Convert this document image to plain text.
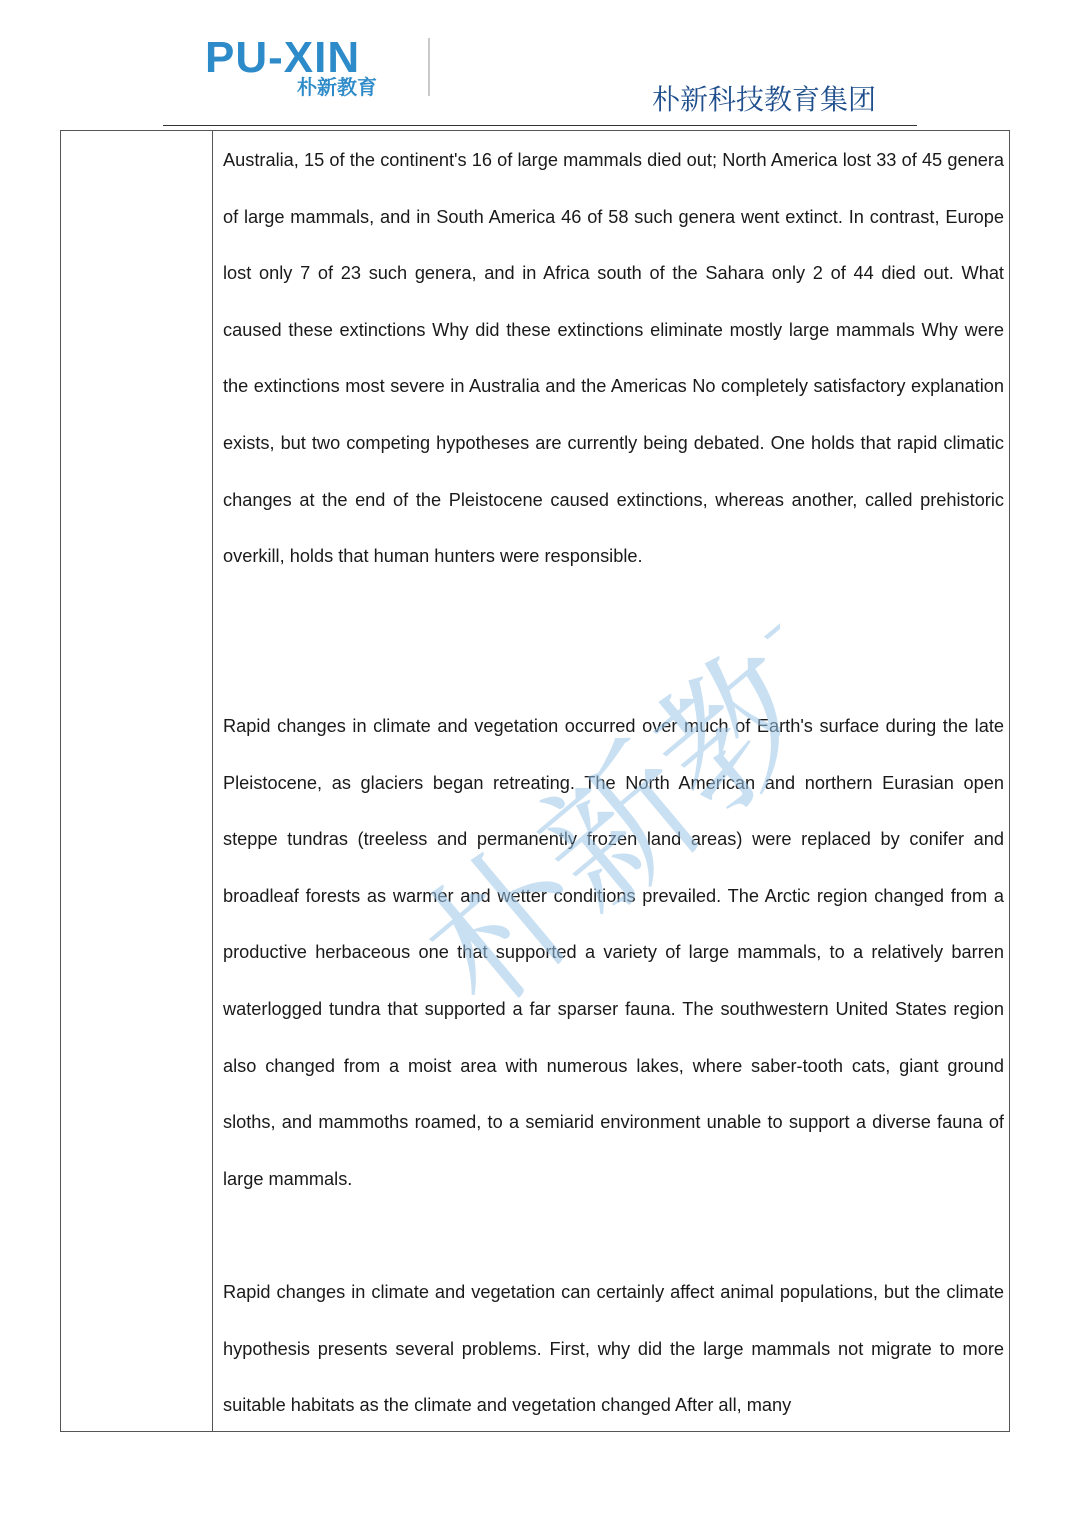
PU-XIN
朴新教育	朴新科技教育集团

Australia, 15 of the continent's 16 of large mammals died out; North America lost 33 of 45 genera of large mammals, and in South America 46 of 58 such genera went extinct. In contrast, Europe lost only 7 of 23 such genera, and in Africa south of the Sahara only 2 of 44 died out. What caused these extinctions Why did these extinctions eliminate mostly large mammals Why were the extinctions most severe in Australia and the Americas No completely satisfactory explanation exists, but two competing hypotheses are currently being debated. One holds that rapid climatic changes at the end of the Pleistocene caused extinctions, whereas another, called prehistoric overkill, holds that human hunters were responsible.

Rapid changes in climate and vegetation occurred over much of Earth's surface during the late Pleistocene, as glaciers began retreating. The North American and northern Eurasian open steppe tundras (treeless and permanently frozen land areas) were replaced by conifer and broadleaf forests as warmer and wetter conditions prevailed. The Arctic region changed from a productive herbaceous one that supported a variety of large mammals, to a relatively barren waterlogged tundra that supported a far sparser fauna. The southwestern United States region also changed from a moist area with numerous lakes, where saber-tooth cats, giant ground sloths, and mammoths roamed, to a semiarid environment unable to support a diverse fauna of large mammals.

Rapid changes in climate and vegetation can certainly affect animal populations, but the climate hypothesis presents several problems. First, why did the large mammals not migrate to more suitable habitats as the climate and vegetation changed After all, many

朴新教育
